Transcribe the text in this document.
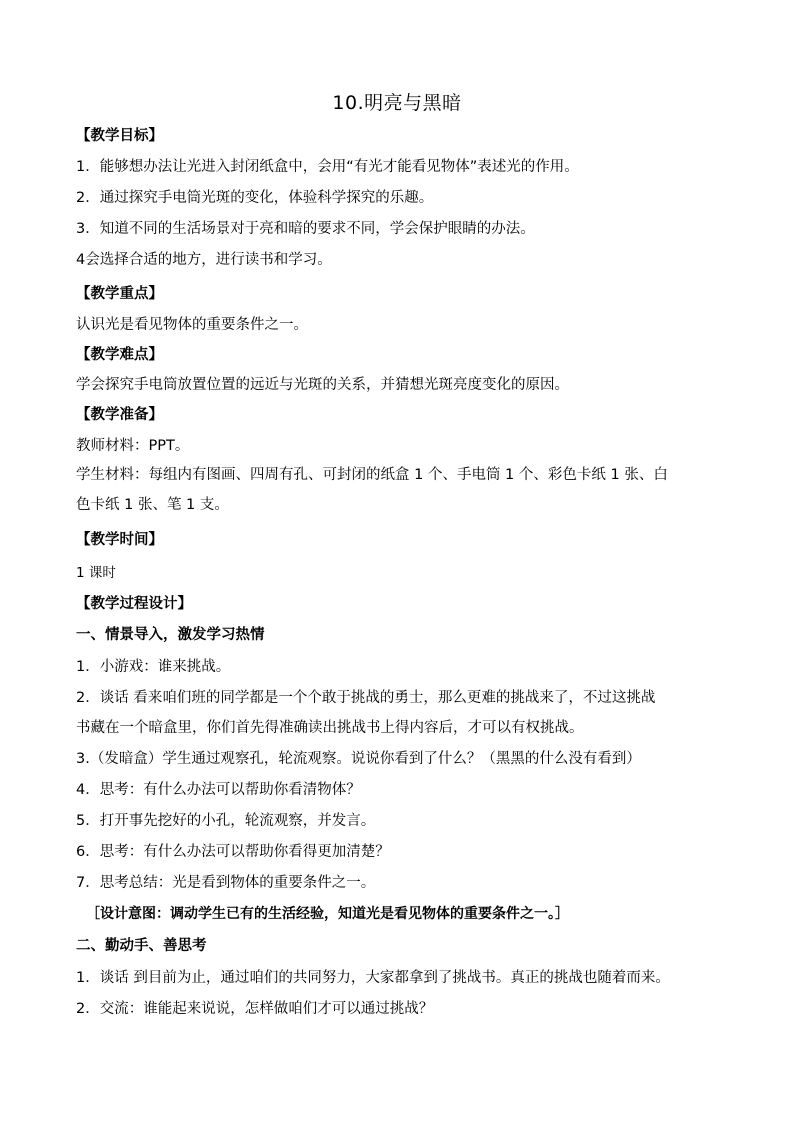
10.明亮与黑暗
【教学目标】
1．能够想办法让光进入封闭纸盒中，会用“有光才能看见物体”表述光的作用。
2．通过探究手电筒光斑的变化，体验科学探究的乐趣。
3．知道不同的生活场景对于亮和暗的要求不同，学会保护眼睛的办法。
4会选择合适的地方，进行读书和学习。
【教学重点】
认识光是看见物体的重要条件之一。
【教学难点】
学会探究手电筒放置位置的远近与光斑的关系，并猜想光斑亮度变化的原因。
【教学准备】
教师材料：PPT。
学生材料：每组内有图画、四周有孔、可封闭的纸盒 1 个、手电筒 1 个、彩色卡纸 1 张、白
色卡纸 1 张、笔 1 支。
【教学时间】
1 课时
【教学过程设计】
一、情景导入，激发学习热情
1．小游戏：谁来挑战。
2．谈话 看来咱们班的同学都是一个个敢于挑战的勇士，那么更难的挑战来了，不过这挑战
书藏在一个暗盒里，你们首先得准确读出挑战书上得内容后，才可以有权挑战。
3.（发暗盒）学生通过观察孔，轮流观察。说说你看到了什么？（黑黑的什么没有看到）
4．思考：有什么办法可以帮助你看清物体？
5．打开事先挖好的小孔，轮流观察，并发言。
6．思考：有什么办法可以帮助你看得更加清楚？
7．思考总结：光是看到物体的重要条件之一。
［设计意图：调动学生已有的生活经验，知道光是看见物体的重要条件之一。］
二、勤动手、善思考
1．谈话 到目前为止，通过咱们的共同努力，大家都拿到了挑战书。真正的挑战也随着而来。
2．交流：谁能起来说说，怎样做咱们才可以通过挑战？
